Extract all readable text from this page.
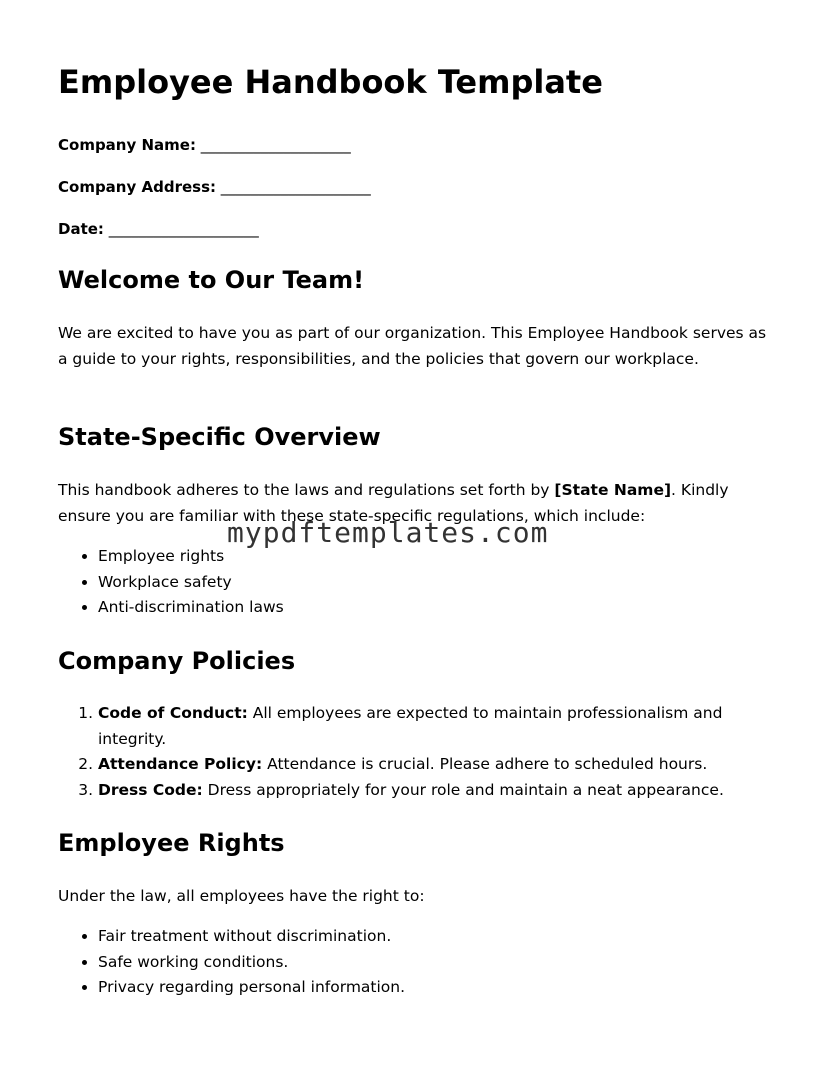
Employee Handbook Template
Company Name: ____________________
Company Address: ____________________
Date: ____________________
Welcome to Our Team!

We are excited to have you as part of our organization. This Employee Handbook serves as a guide to your rights, responsibilities, and the policies that govern our workplace.

State-Specific Overview

This handbook adheres to the laws and regulations set forth by [State Name]. Kindly ensure you are familiar with these state-specific regulations, which include:

• Employee rights
• Workplace safety
• Anti-discrimination laws
Company Policies
1. Code of Conduct: All employees are expected to maintain professionalism and integrity.
2. Attendance Policy: Attendance is crucial. Please adhere to scheduled hours.
3. Dress Code: Dress appropriately for your role and maintain a neat appearance.
Employee Rights

Under the law, all employees have the right to:

• Fair treatment without discrimination.
• Safe working conditions.
• Privacy regarding personal information.
mypdftemplates.com
